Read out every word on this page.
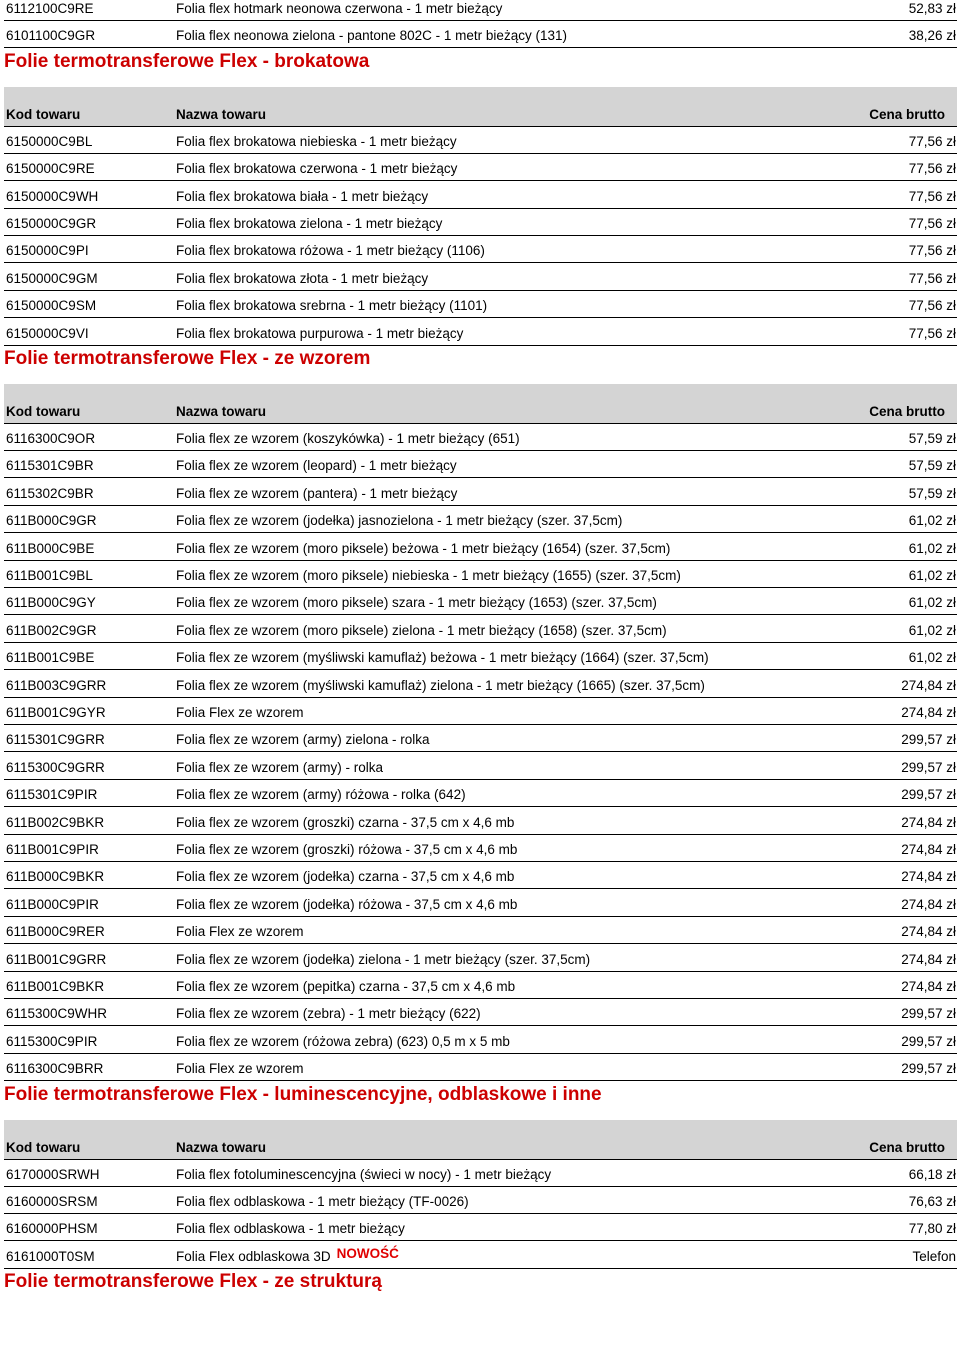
6112100C9RE	Folia flex hotmark neonowa czerwona - 1 metr bieżący	52,83 zł
6101100C9GR	Folia flex neonowa zielona - pantone 802C - 1 metr bieżący (131)	38,26 zł
Folie termotransferowe Flex - brokatowa
Kod towaru	Nazwa towaru	Cena brutto
6150000C9BL	Folia flex brokatowa niebieska - 1 metr bieżący	77,56 zł
6150000C9RE	Folia flex brokatowa czerwona - 1 metr bieżący	77,56 zł
6150000C9WH	Folia flex brokatowa biała - 1 metr bieżący	77,56 zł
6150000C9GR	Folia flex brokatowa zielona - 1 metr bieżący	77,56 zł
6150000C9PI	Folia flex brokatowa różowa - 1 metr bieżący (1106)	77,56 zł
6150000C9GM	Folia flex brokatowa złota - 1 metr bieżący	77,56 zł
6150000C9SM	Folia flex brokatowa srebrna - 1 metr bieżący (1101)	77,56 zł
6150000C9VI	Folia flex brokatowa purpurowa - 1 metr bieżący	77,56 zł
Folie termotransferowe Flex - ze wzorem
Kod towaru	Nazwa towaru	Cena brutto
6116300C9OR	Folia flex ze wzorem (koszykówka) - 1 metr bieżący (651)	57,59 zł
6115301C9BR	Folia flex ze wzorem (leopard) - 1 metr bieżący	57,59 zł
6115302C9BR	Folia flex ze wzorem (pantera) - 1 metr bieżący	57,59 zł
611B000C9GR	Folia flex ze wzorem (jodełka) jasnozielona - 1 metr bieżący (szer. 37,5cm)	61,02 zł
611B000C9BE	Folia flex ze wzorem (moro piksele) beżowa - 1 metr bieżący (1654) (szer. 37,5cm)	61,02 zł
611B001C9BL	Folia flex ze wzorem (moro piksele) niebieska - 1 metr bieżący (1655) (szer. 37,5cm)	61,02 zł
611B000C9GY	Folia flex ze wzorem (moro piksele) szara - 1 metr bieżący (1653) (szer. 37,5cm)	61,02 zł
611B002C9GR	Folia flex ze wzorem (moro piksele) zielona - 1 metr bieżący (1658) (szer. 37,5cm)	61,02 zł
611B001C9BE	Folia flex ze wzorem (myśliwski kamuflaż) beżowa - 1 metr bieżący (1664) (szer. 37,5cm)	61,02 zł
611B003C9GRR	Folia flex ze wzorem (myśliwski kamuflaż) zielona - 1 metr bieżący (1665) (szer. 37,5cm)	274,84 zł
611B001C9GYR	Folia Flex ze wzorem	274,84 zł
6115301C9GRR	Folia flex ze wzorem (army) zielona - rolka	299,57 zł
6115300C9GRR	Folia flex ze wzorem (army) - rolka	299,57 zł
6115301C9PIR	Folia flex ze wzorem (army) różowa - rolka (642)	299,57 zł
611B002C9BKR	Folia flex ze wzorem (groszki) czarna - 37,5 cm x 4,6 mb	274,84 zł
611B001C9PIR	Folia flex ze wzorem (groszki) różowa - 37,5 cm x 4,6 mb	274,84 zł
611B000C9BKR	Folia flex ze wzorem (jodełka) czarna - 37,5 cm x 4,6 mb	274,84 zł
611B000C9PIR	Folia flex ze wzorem (jodełka) różowa - 37,5 cm x 4,6 mb	274,84 zł
611B000C9RER	Folia Flex ze wzorem	274,84 zł
611B001C9GRR	Folia flex ze wzorem (jodełka) zielona - 1 metr bieżący (szer. 37,5cm)	274,84 zł
611B001C9BKR	Folia flex ze wzorem (pepitka) czarna - 37,5 cm x 4,6 mb	274,84 zł
6115300C9WHR	Folia flex ze wzorem (zebra) - 1 metr bieżący (622)	299,57 zł
6115300C9PIR	Folia flex ze wzorem (różowa zebra) (623) 0,5 m x 5 mb	299,57 zł
6116300C9BRR	Folia Flex ze wzorem	299,57 zł
Folie termotransferowe Flex - luminescencyjne, odblaskowe i inne
Kod towaru	Nazwa towaru	Cena brutto
6170000SRWH	Folia flex fotoluminescencyjna (świeci w nocy) - 1 metr bieżący	66,18 zł
6160000SRSM	Folia flex odblaskowa - 1 metr bieżący (TF-0026)	76,63 zł
6160000PHSM	Folia flex odblaskowa - 1 metr bieżący	77,80 zł
6161000T0SM	Folia Flex odblaskowa 3D NOWOŚĆ	Telefon
Folie termotransferowe Flex - ze strukturą
